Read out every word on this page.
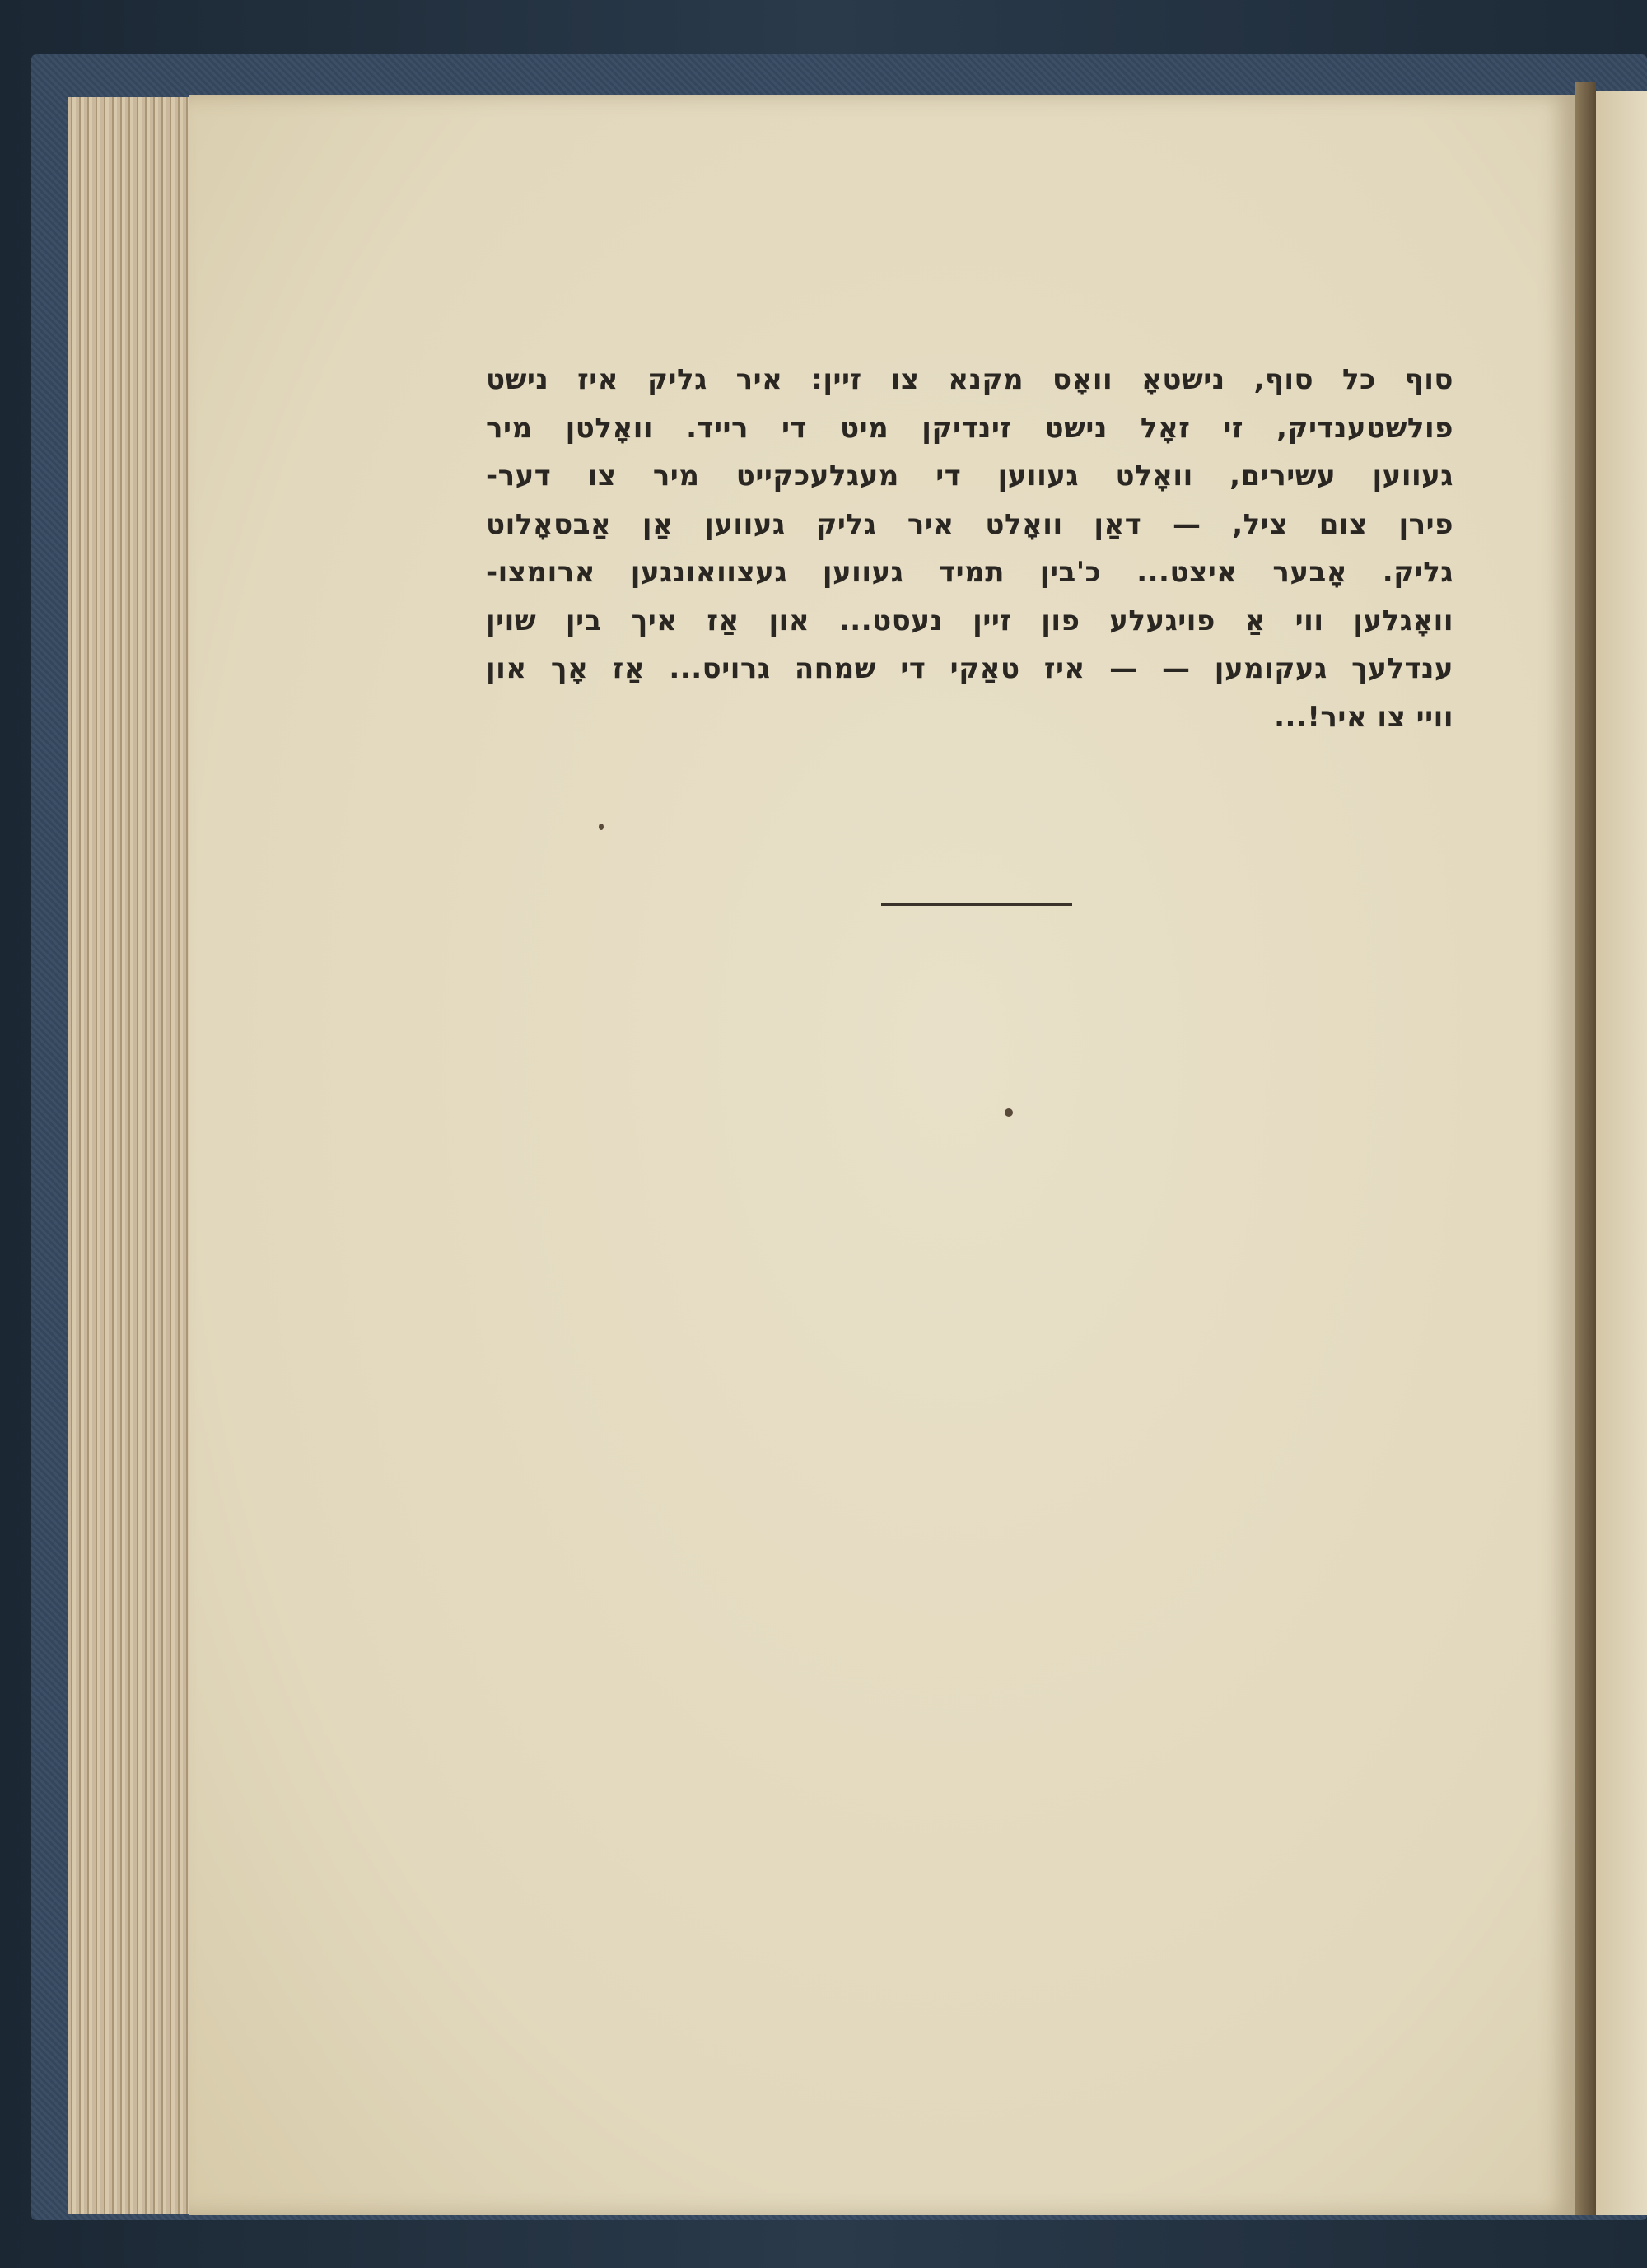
סוף כל סוף, נישטאָ וואָס מקנא צו זיין: איר גליק איז נישט
פולשטענדיק, זי זאָל נישט זינדיקן מיט די רייד. וואָלטן מיר
געווען עשירים, וואָלט געווען די מעגלעכקייט מיר צו דער-
פירן צום ציל, — דאַן וואָלט איר גליק געווען אַן אַבסאָלוט
גליק. אָבער איצט... כ'בין תמיד געווען געצוואונגען ארומצו-
וואָגלען ווי אַ פויגעלע פון זיין נעסט... און אַז איך בין שוין
ענדלעך געקומען — — איז טאַקי די שמחה גרויס... אַז אָך און
וויי צו איר!...
